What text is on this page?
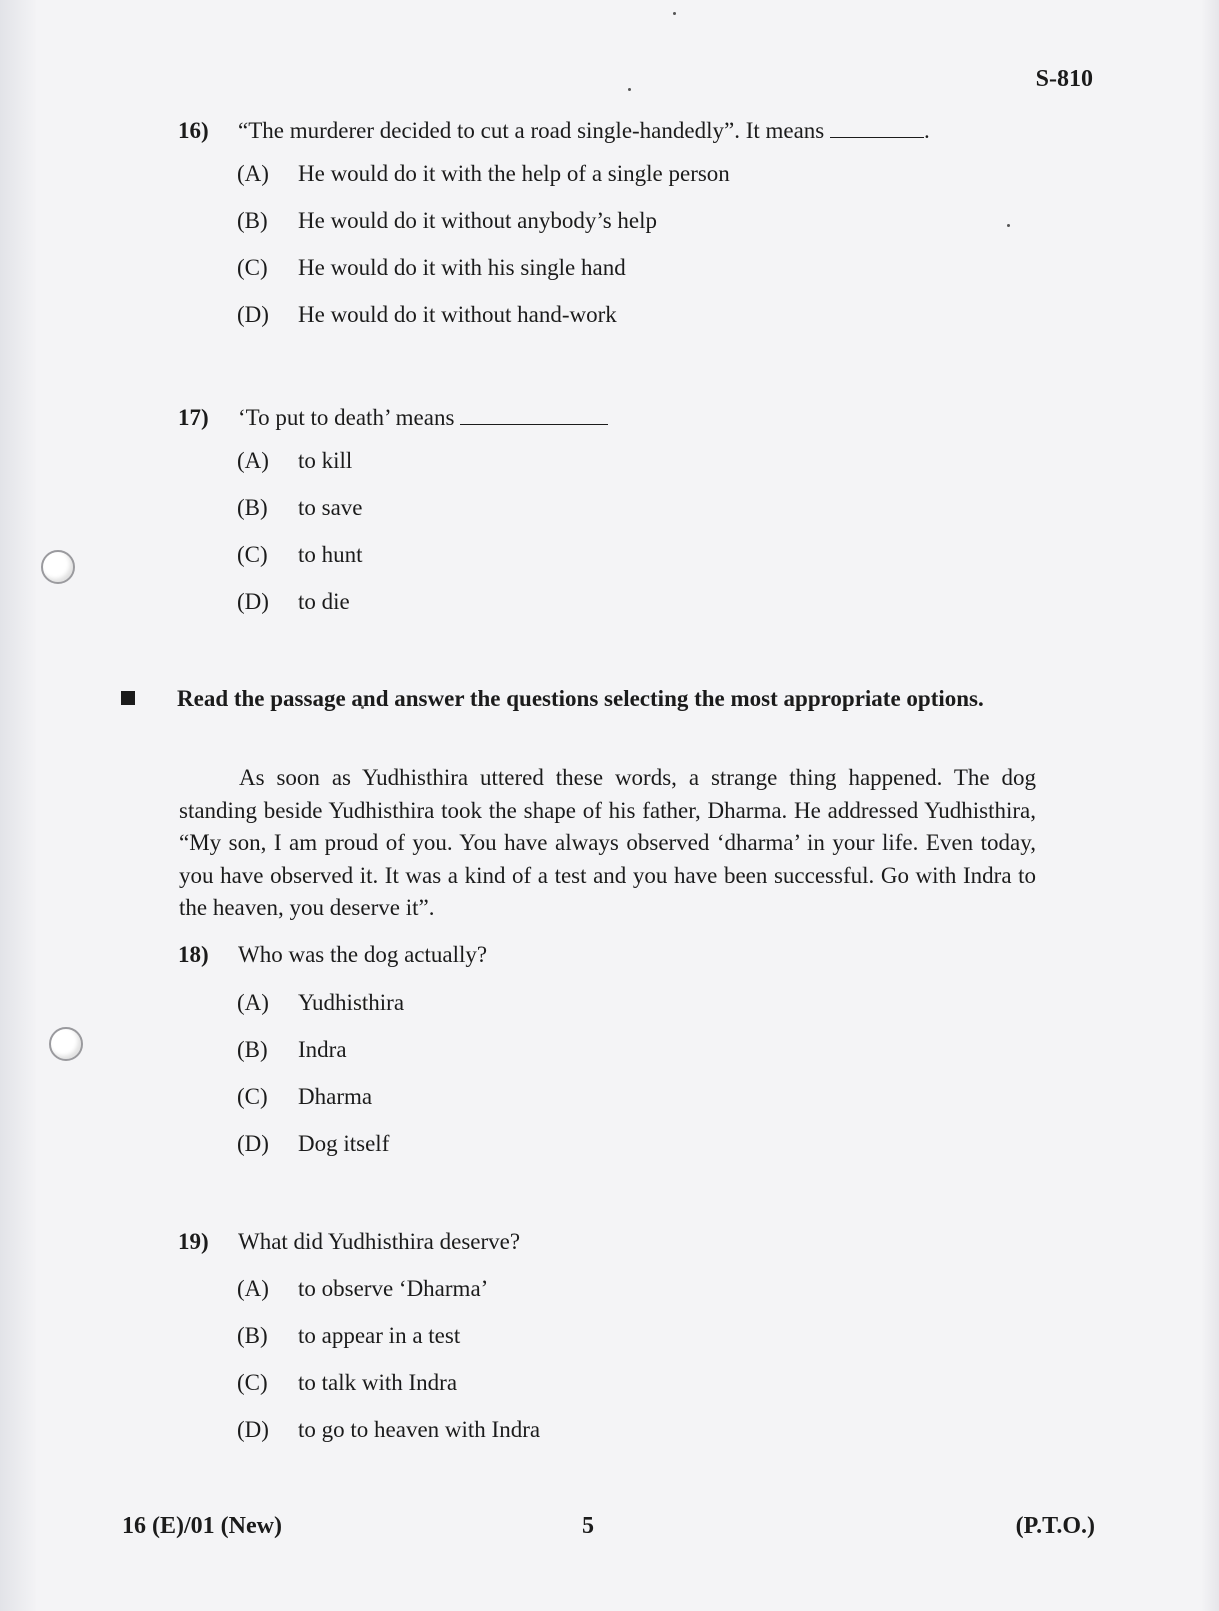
S-810
16) “The murderer decided to cut a road single-handedly”. It means	.
(A) He would do it with the help of a single person
(B) He would do it without anybody’s help
(C) He would do it with his single hand
(D) He would do it without hand-work
17) ‘To put to death’ means
(A) to kill
(B) to save
(C) to hunt
(D) to die
Read the passage and answer the questions selecting the most appropriate options.
As soon as Yudhisthira uttered these words, a strange thing happened. The dog standing beside Yudhisthira took the shape of his father, Dharma. He addressed Yudhisthira, “My son, I am proud of you. You have always observed ‘dharma’ in your life. Even today, you have observed it. It was a kind of a test and you have been successful. Go with Indra to the heaven, you deserve it”.
18) Who was the dog actually?
(A) Yudhisthira
(B) Indra
(C) Dharma
(D) Dog itself
19) What did Yudhisthira deserve?
(A) to observe ‘Dharma’
(B) to appear in a test
(C) to talk with Indra
(D) to go to heaven with Indra
16 (E)/01 (New)	5	(P.T.O.)
